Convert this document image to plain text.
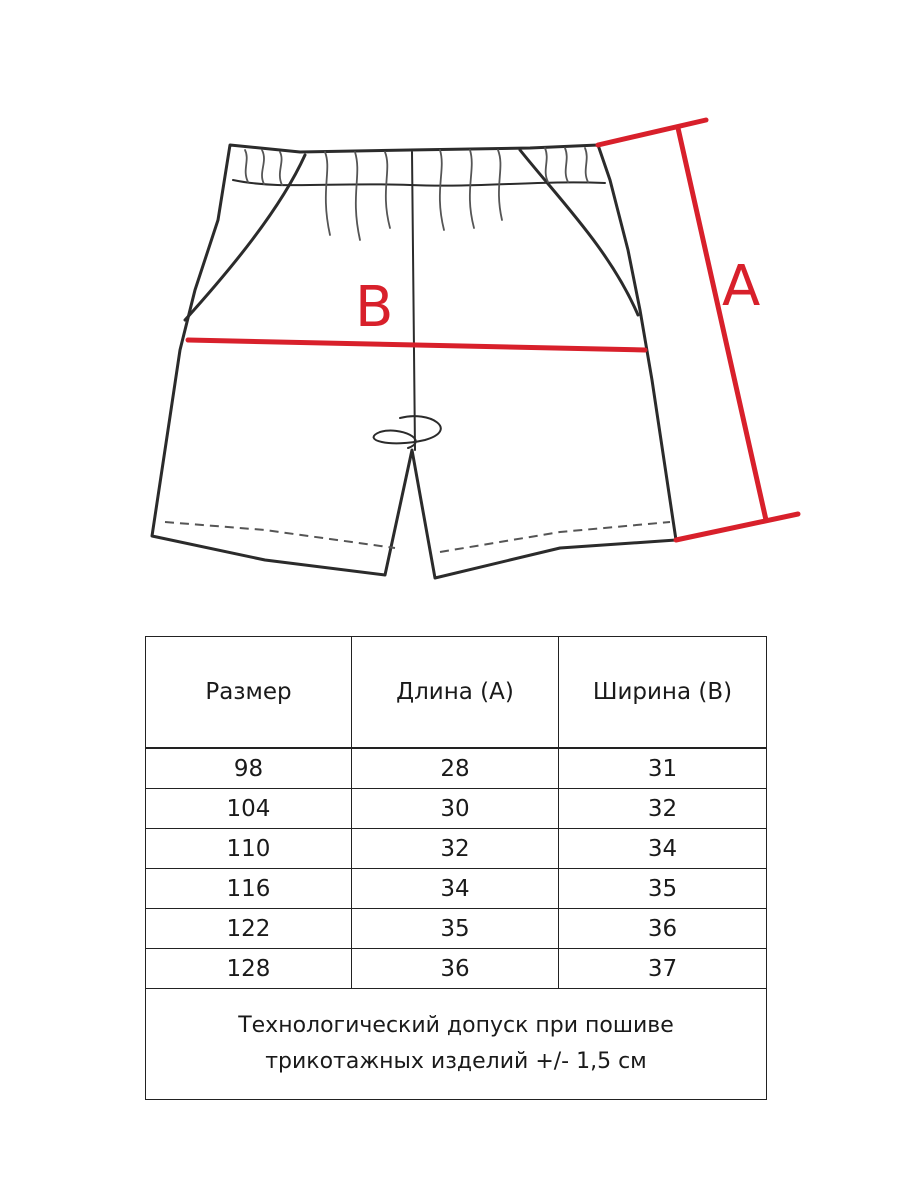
A
B
Размер	Длина (А)	Ширина (В)
98	28	31
104	30	32
110	32	34
116	34	35
122	35	36
128	36	37

Технологический допуск при пошиве
трикотажных изделий +/- 1,5 см		
